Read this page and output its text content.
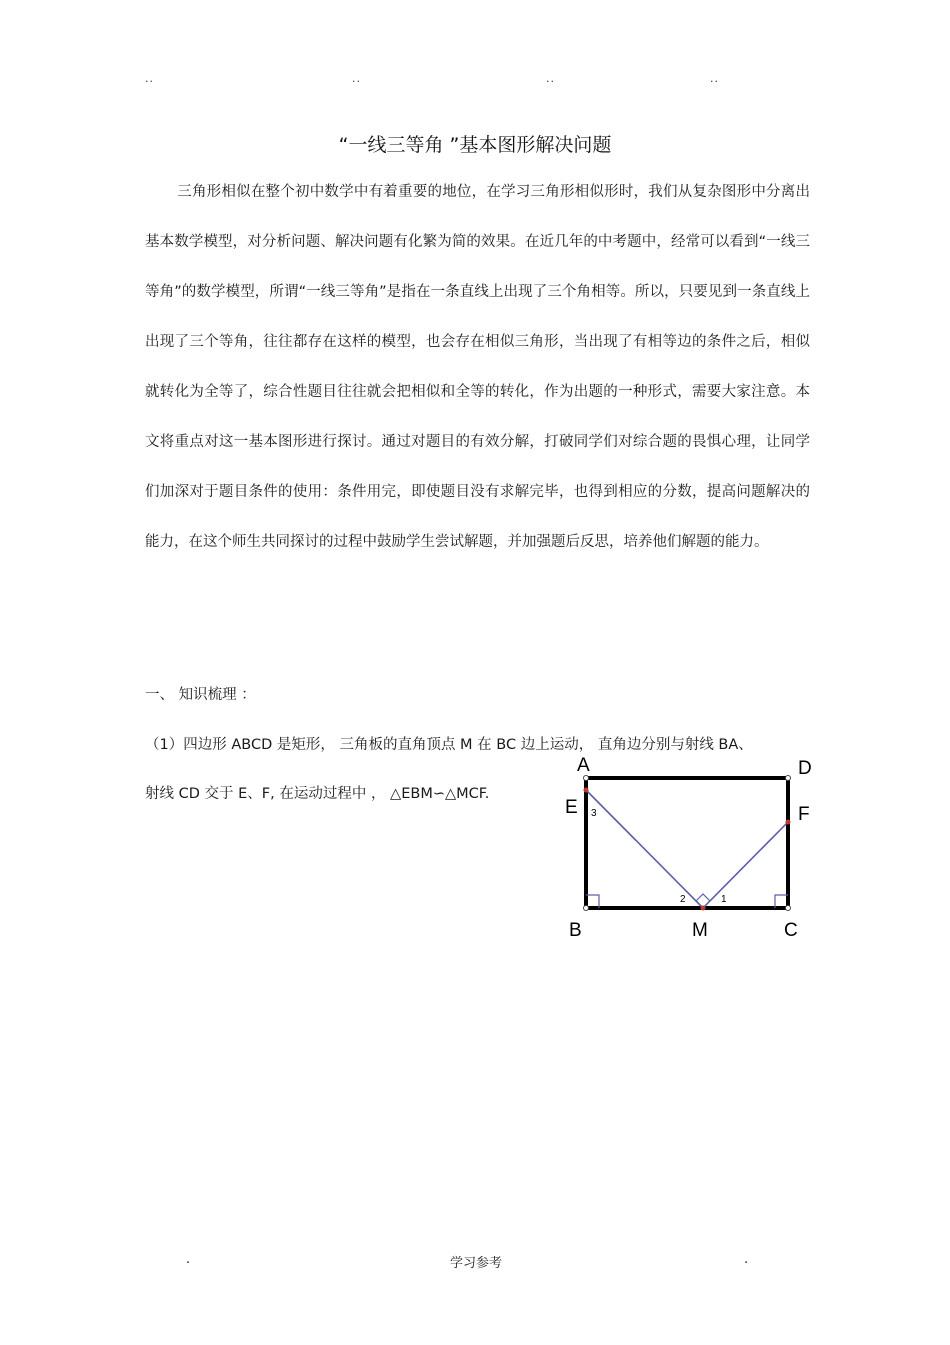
..	..	..	..
“一线三等角 ”基本图形解决问题
三角形相似在整个初中数学中有着重要的地位，在学习三角形相似形时，我们从复杂图形中分离出基本数学模型，对分析问题、解决问题有化繁为简的效果。在近几年的中考题中，经常可以看到“一线三等角”的数学模型，所谓“一线三等角”是指在一条直线上出现了三个角相等。所以，只要见到一条直线上出现了三个等角，往往都存在这样的模型，也会存在相似三角形，当出现了有相等边的条件之后，相似就转化为全等了，综合性题目往往就会把相似和全等的转化，作为出题的一种形式，需要大家注意。本文将重点对这一基本图形进行探讨。通过对题目的有效分解，打破同学们对综合题的畏惧心理，让同学们加深对于题目条件的使用：条件用完，即使题目没有求解完毕，也得到相应的分数，提高问题解决的能力，在这个师生共同探讨的过程中鼓励学生尝试解题，并加强题后反思，培养他们解题的能力。
一、 知识梳理 ：
（1）四边形 ABCD 是矩形， 三角板的直角顶点 M 在 BC 边上运动， 直角边分别与射线 BA、
射线 CD 交于 E、F, 在运动过程中 ， △EBM∽△MCF.
A	D
E	F
B	M	C
1
2
3
.	学习参考	.
